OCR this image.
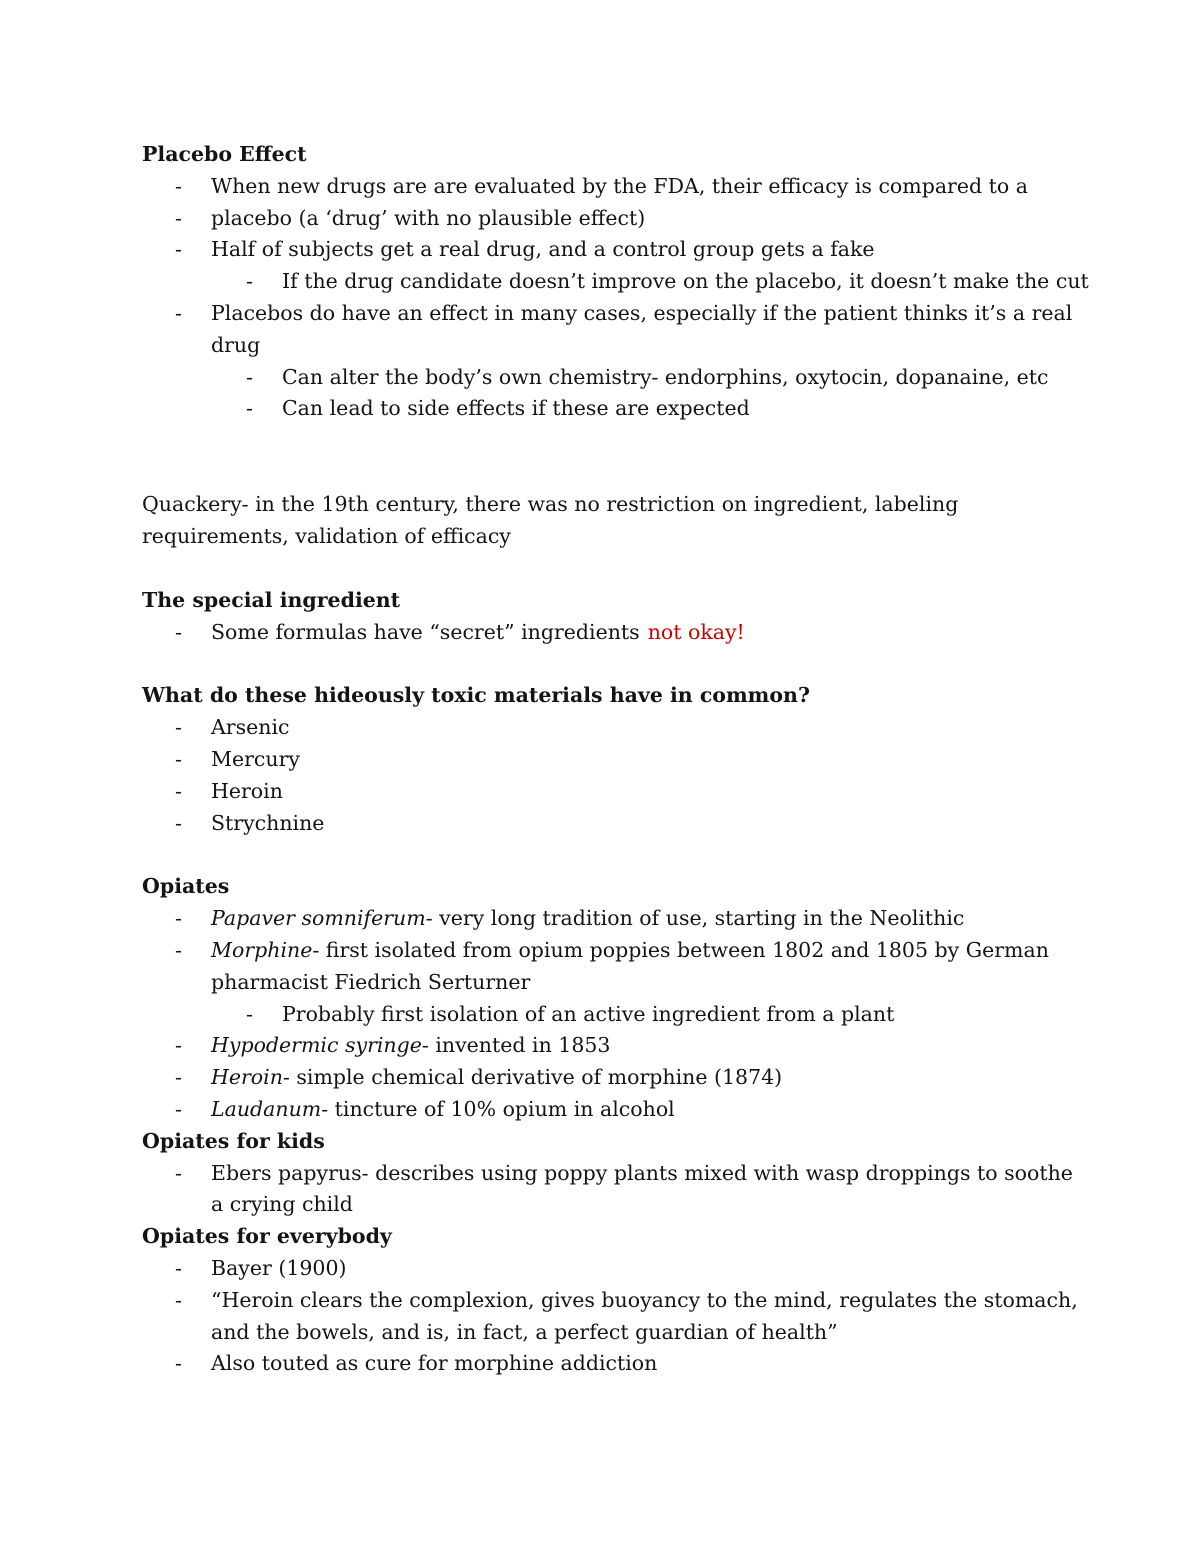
Placebo Effect
- When new drugs are are evaluated by the FDA, their efficacy is compared to a
- placebo (a ‘drug’ with no plausible effect)
- Half of subjects get a real drug, and a control group gets a fake
- If the drug candidate doesn’t improve on the placebo, it doesn’t make the cut
- Placebos do have an effect in many cases, especially if the patient thinks it’s a real
drug
- Can alter the body’s own chemistry- endorphins, oxytocin, dopanaine, etc
- Can lead to side effects if these are expected
Quackery- in the 19th century, there was no restriction on ingredient, labeling
requirements, validation of efficacy
The special ingredient
- Some formulas have “secret” ingredients not okay!
What do these hideously toxic materials have in common?
- Arsenic
- Mercury
- Heroin
- Strychnine
Opiates
- Papaver somniferum- very long tradition of use, starting in the Neolithic
- Morphine- first isolated from opium poppies between 1802 and 1805 by German
pharmacist Fiedrich Serturner
- Probably first isolation of an active ingredient from a plant
- Hypodermic syringe- invented in 1853
- Heroin- simple chemical derivative of morphine (1874)
- Laudanum- tincture of 10% opium in alcohol
Opiates for kids
- Ebers papyrus- describes using poppy plants mixed with wasp droppings to soothe
a crying child
Opiates for everybody
- Bayer (1900)
- “Heroin clears the complexion, gives buoyancy to the mind, regulates the stomach,
and the bowels, and is, in fact, a perfect guardian of health”
- Also touted as cure for morphine addiction
